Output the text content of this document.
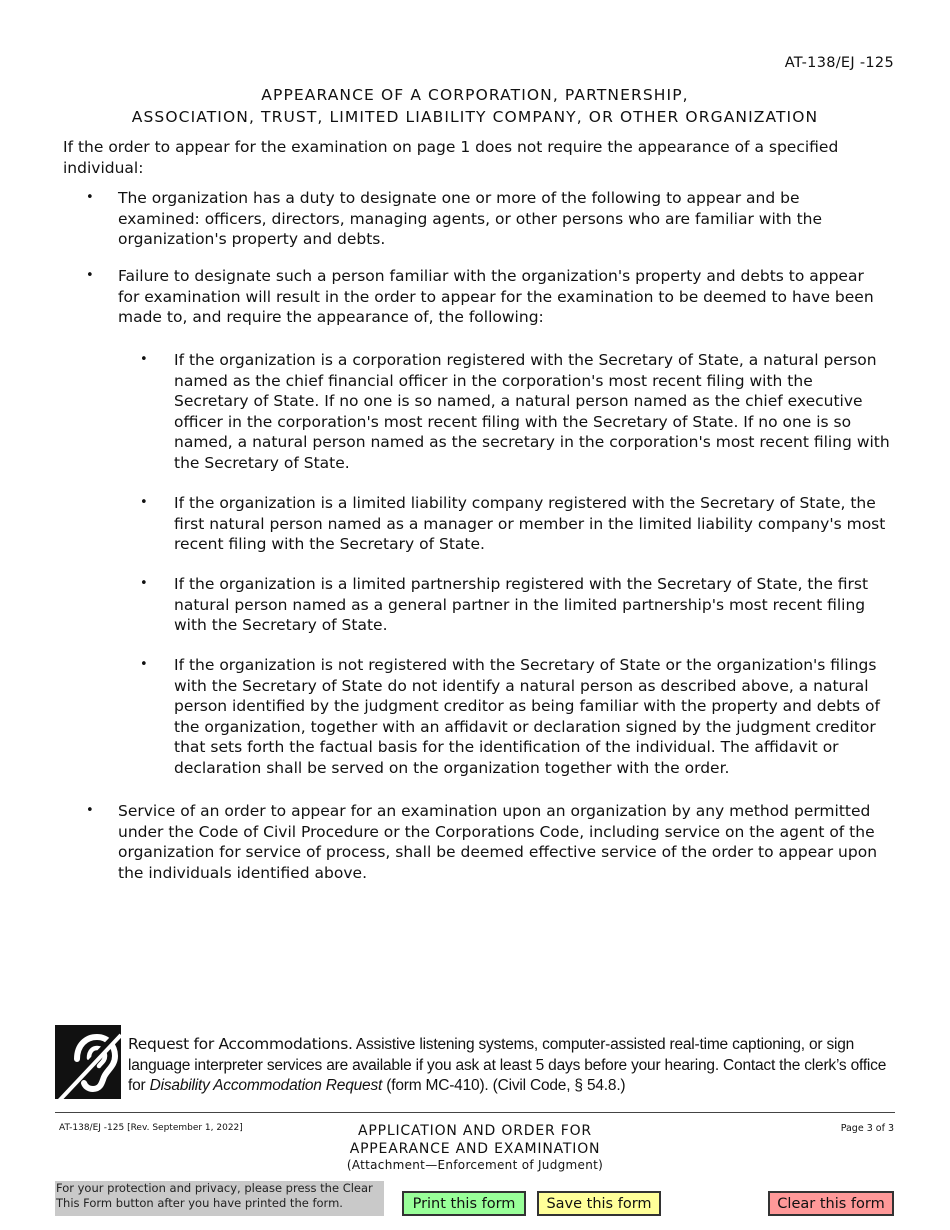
AT-138/EJ -125
APPEARANCE OF A CORPORATION, PARTNERSHIP,
ASSOCIATION, TRUST, LIMITED LIABILITY COMPANY, OR OTHER ORGANIZATION
If the order to appear for the examination on page 1 does not require the appearance of a specified individual:
• The organization has a duty to designate one or more of the following to appear and be examined: officers, directors, managing agents, or other persons who are familiar with the organization's property and debts.
• Failure to designate such a person familiar with the organization's property and debts to appear for examination will result in the order to appear for the examination to be deemed to have been made to, and require the appearance of, the following:
• If the organization is a corporation registered with the Secretary of State, a natural person named as the chief financial officer in the corporation's most recent filing with the Secretary of State. If no one is so named, a natural person named as the chief executive officer in the corporation's most recent filing with the Secretary of State. If no one is so named, a natural person named as the secretary in the corporation's most recent filing with the Secretary of State.
• If the organization is a limited liability company registered with the Secretary of State, the first natural person named as a manager or member in the limited liability company's most recent filing with the Secretary of State.
• If the organization is a limited partnership registered with the Secretary of State, the first natural person named as a general partner in the limited partnership's most recent filing with the Secretary of State.
• If the organization is not registered with the Secretary of State or the organization's filings with the Secretary of State do not identify a natural person as described above, a natural person identified by the judgment creditor as being familiar with the property and debts of the organization, together with an affidavit or declaration signed by the judgment creditor that sets forth the factual basis for the identification of the individual. The affidavit or declaration shall be served on the organization together with the order.
• Service of an order to appear for an examination upon an organization by any method permitted under the Code of Civil Procedure or the Corporations Code, including service on the agent of the organization for service of process, shall be deemed effective service of the order to appear upon the individuals identified above.
Request for Accommodations. Assistive listening systems, computer-assisted real-time captioning, or sign language interpreter services are available if you ask at least 5 days before your hearing. Contact the clerk’s office for Disability Accommodation Request (form MC-410). (Civil Code, § 54.8.)
AT-138/EJ -125 [Rev. September 1, 2022]	APPLICATION AND ORDER FOR
APPEARANCE AND EXAMINATION
(Attachment—Enforcement of Judgment)
Page 3 of 3
For your protection and privacy, please press the Clear This Form button after you have printed the form.	Print this form	Save this form	Clear this form
